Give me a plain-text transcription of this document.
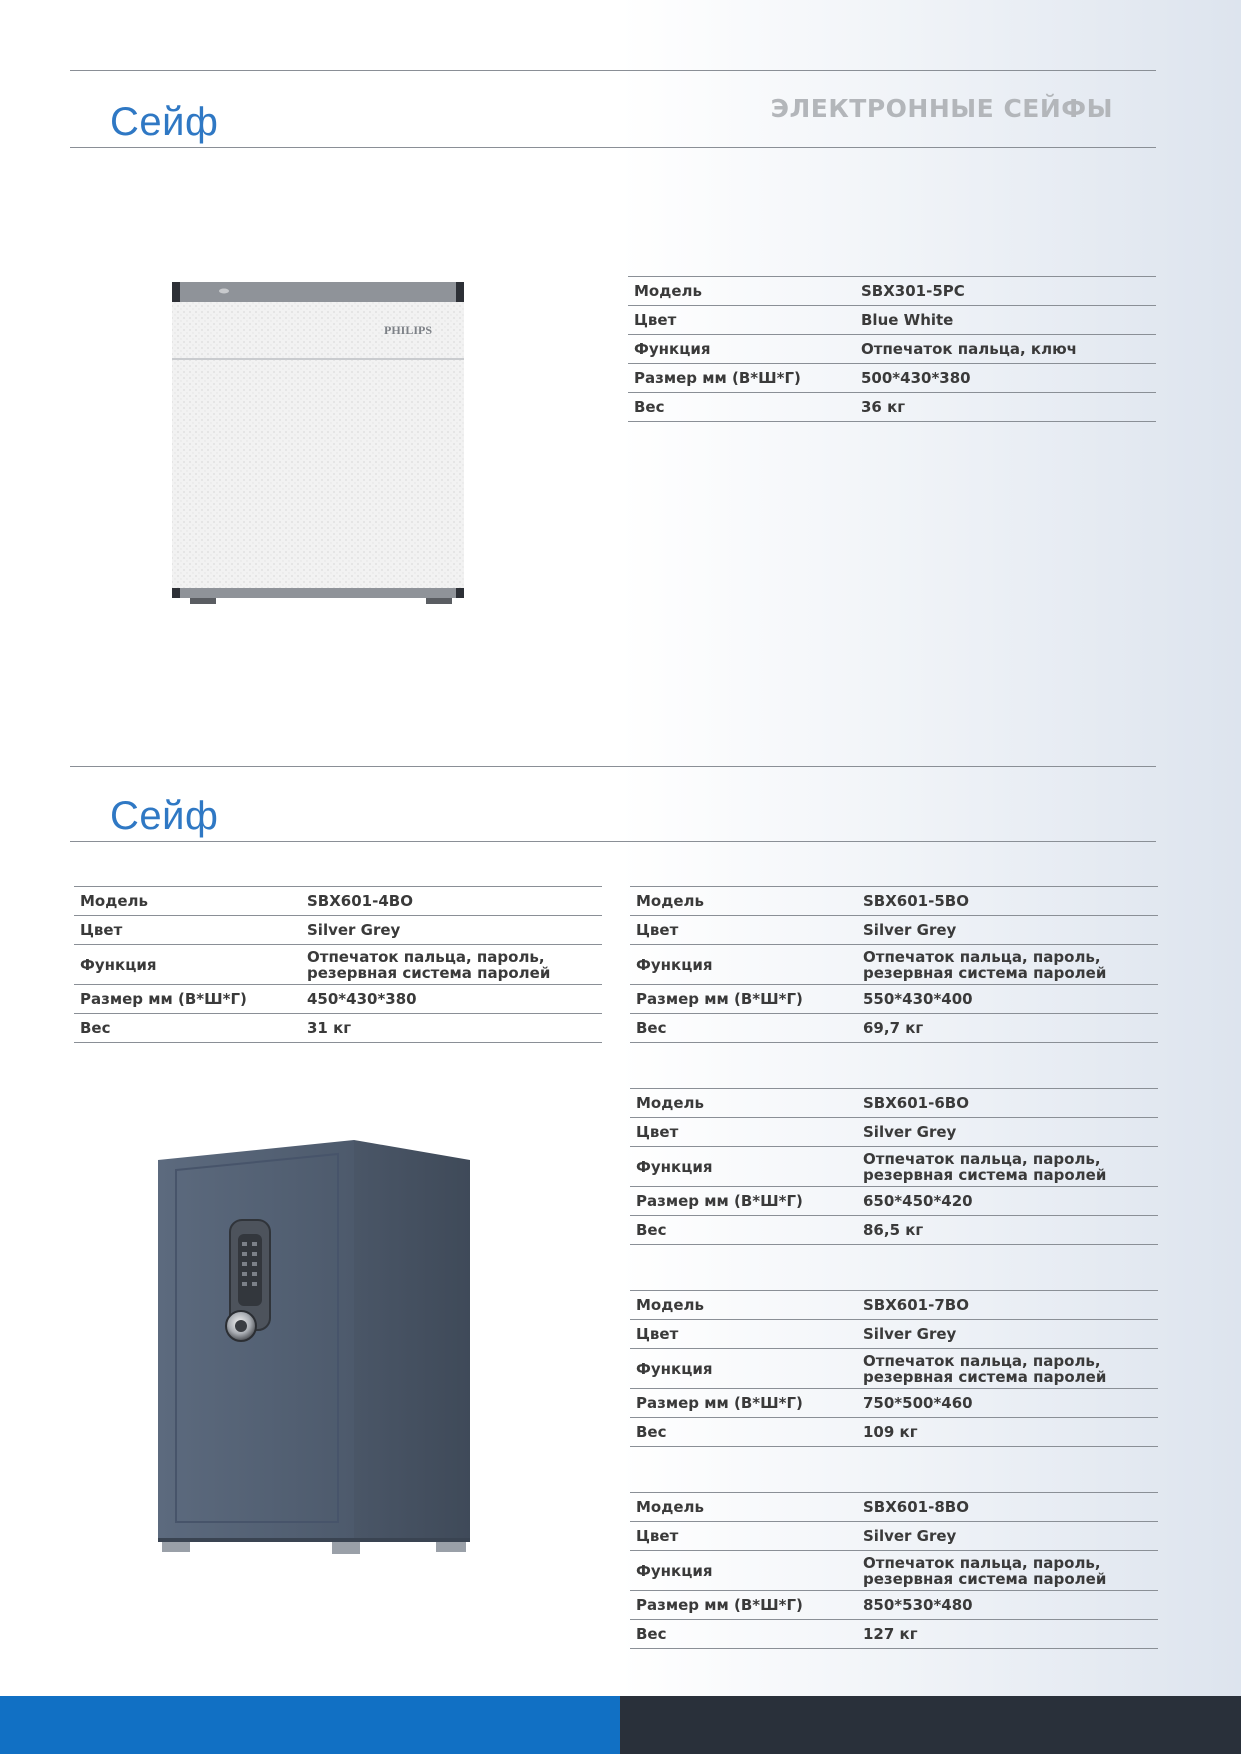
Сейф	ЭЛЕКТРОННЫЕ СЕЙФЫ
PHILIPS
Модель	SBX301-5PC
Цвет	Blue White
Функция	Отпечаток пальца, ключ
Размер мм (В*Ш*Г)	500*430*380
Вес	36 кг
Сейф
Модель	SBX601-4BO
Цвет	Silver Grey
Функция	Отпечаток пальца, пароль,
резервная система паролей

Размер мм (В*Ш*Г)	450*430*380
Вес	31 кг
Модель	SBX601-5BO
Цвет	Silver Grey
Функция	Отпечаток пальца, пароль,
резервная система паролей

Размер мм (В*Ш*Г)	550*430*400
Вес	69,7 кг
Модель	SBX601-6BO
Цвет	Silver Grey
Функция	Отпечаток пальца, пароль,
резервная система паролей

Размер мм (В*Ш*Г)	650*450*420
Вес	86,5 кг
Модель	SBX601-7BO
Цвет	Silver Grey
Функция	Отпечаток пальца, пароль,
резервная система паролей

Размер мм (В*Ш*Г)	750*500*460
Вес	109 кг
Модель	SBX601-8BO
Цвет	Silver Grey
Функция	Отпечаток пальца, пароль,
резервная система паролей

Размер мм (В*Ш*Г)	850*530*480
Вес	127 кг
